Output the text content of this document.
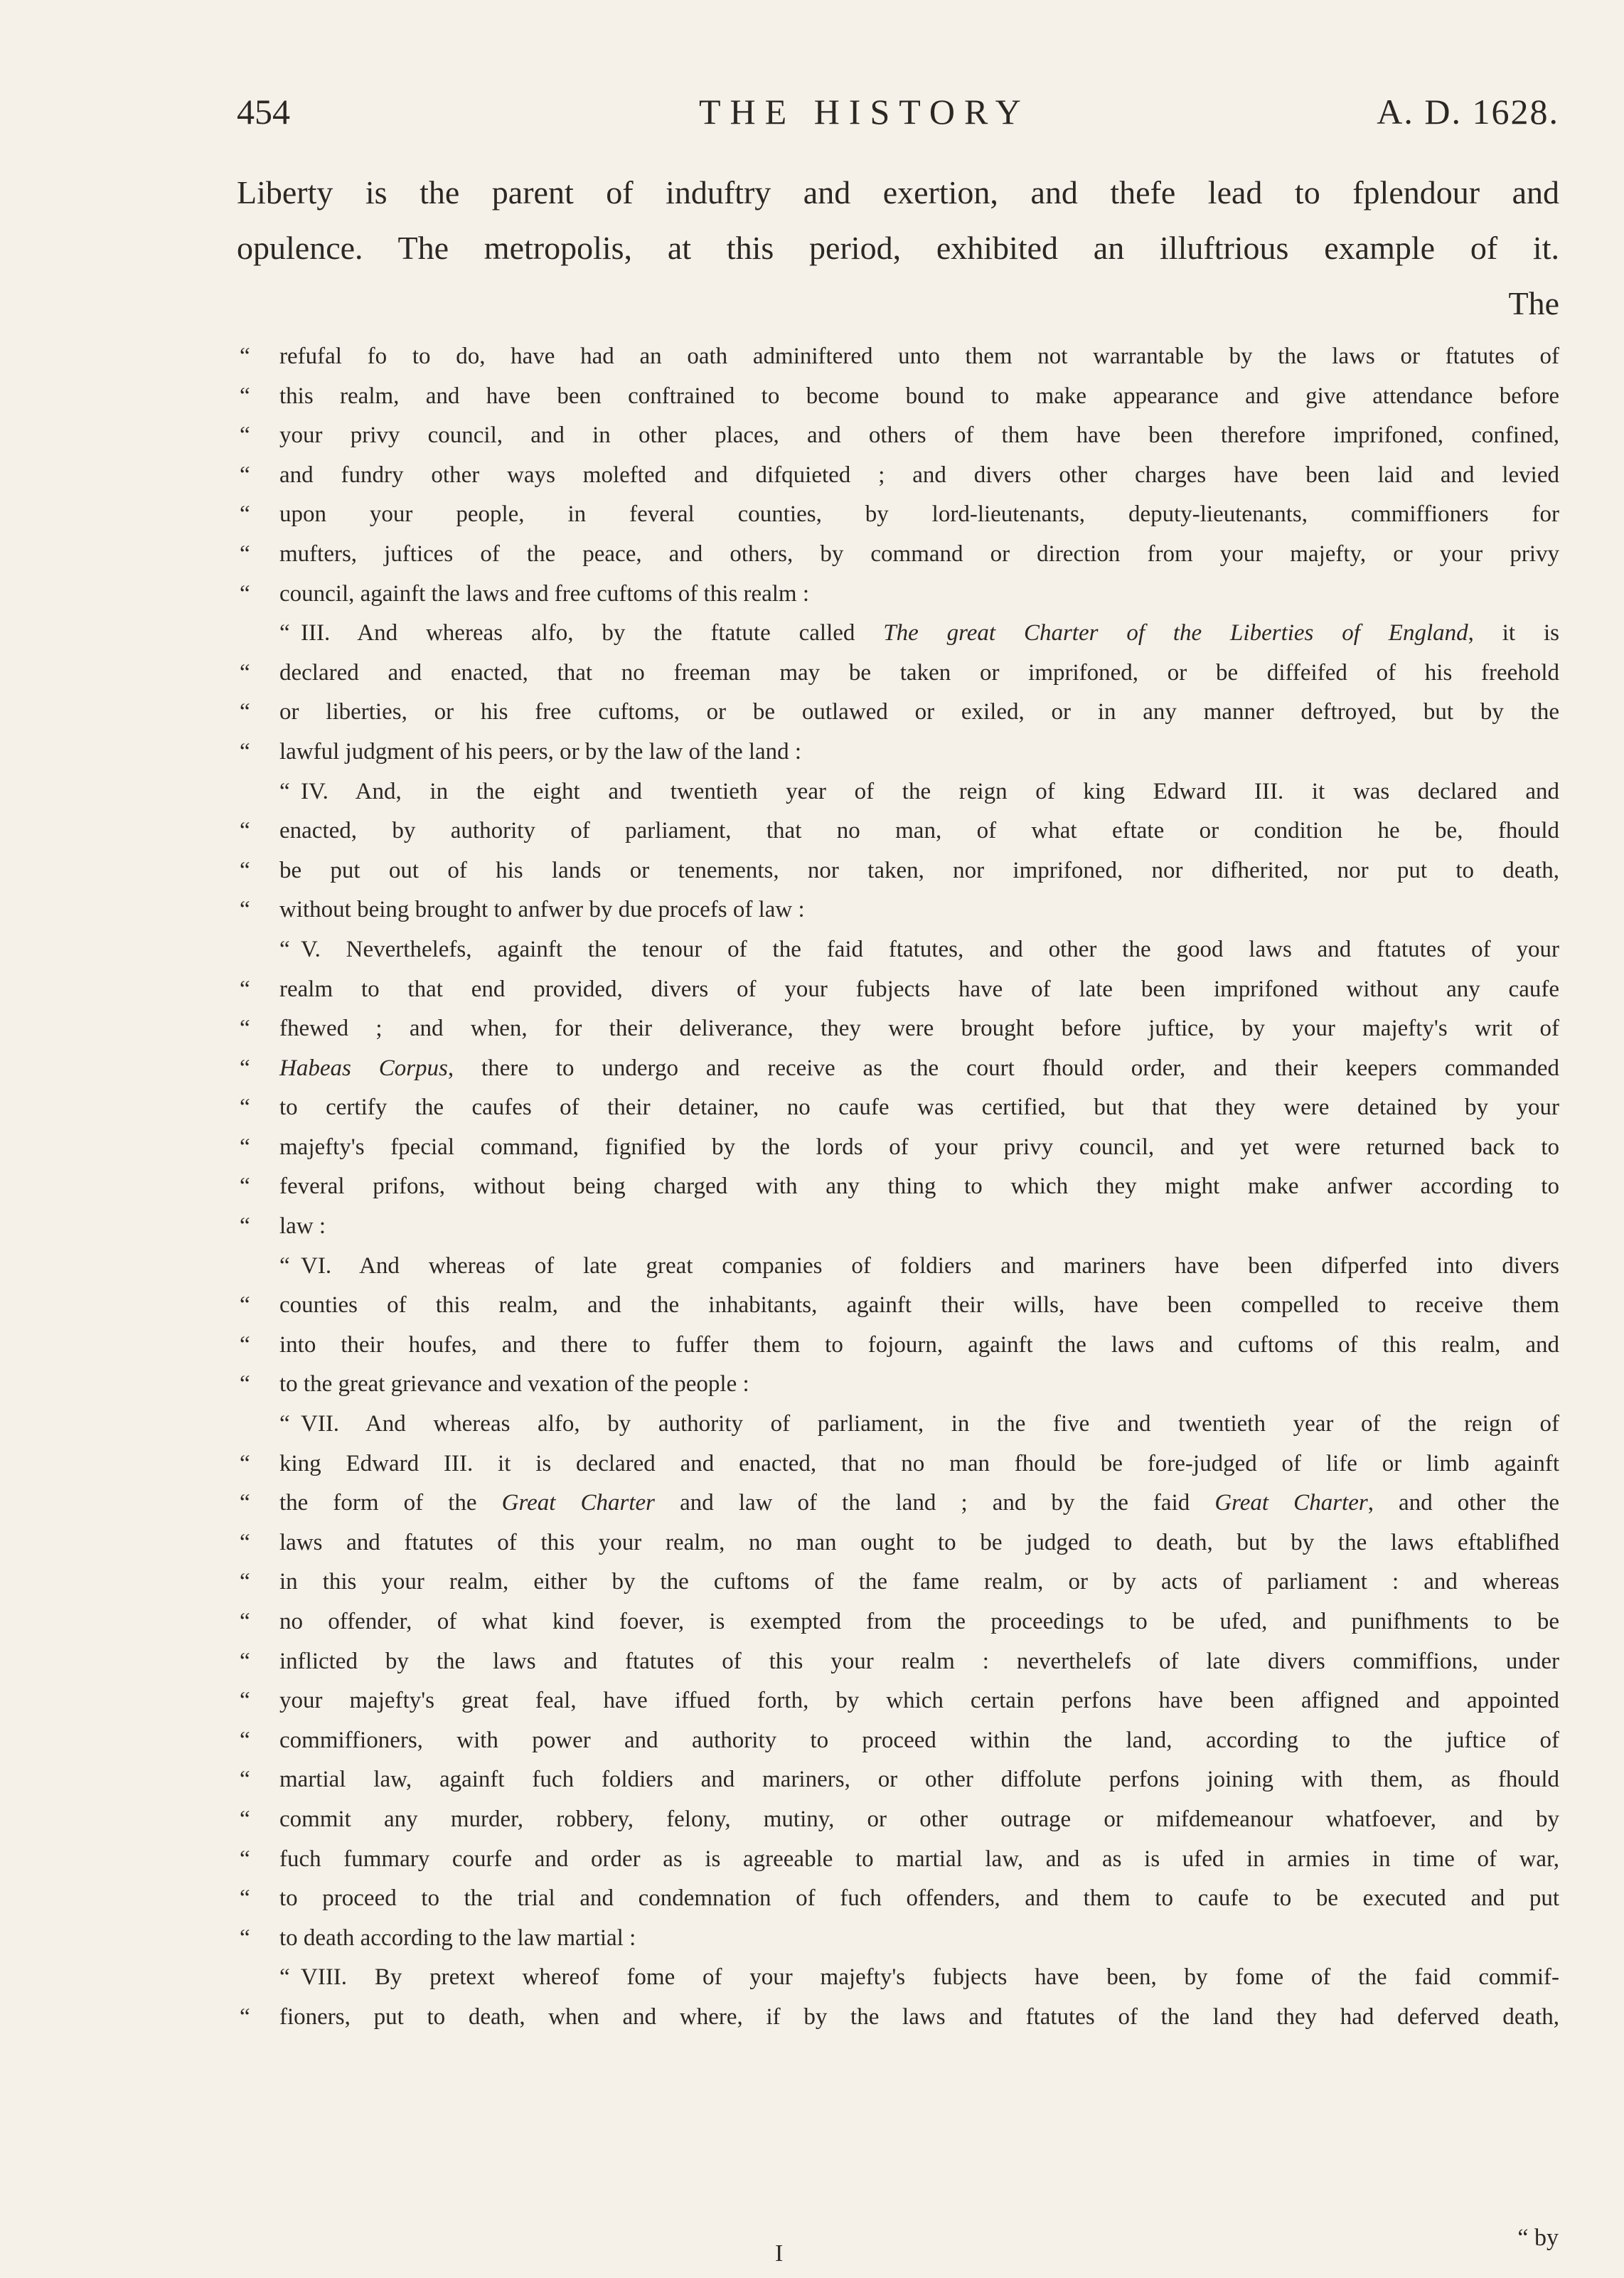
454	THE HISTORY	A. D. 1628.
Liberty is the parent of induftry and exertion, and thefe lead to fplendour and
opulence. The metropolis, at this period, exhibited an illuftrious example of it.
The
“ refufal fo to do, have had an oath adminiftered unto them not warrantable by the laws or ftatutes of
“ this realm, and have been conftrained to become bound to make appearance and give attendance before
“ your privy council, and in other places, and others of them have been therefore imprifoned, confined,
“ and fundry other ways molefted and difquieted ; and divers other charges have been laid and levied
“ upon your people, in feveral counties, by lord-lieutenants, deputy-lieutenants, commiffioners for
“ mufters, juftices of the peace, and others, by command or direction from your majefty, or your privy
“ council, againft the laws and free cuftoms of this realm :
“ III. And whereas alfo, by the ftatute called The great Charter of the Liberties of England, it is
“ declared and enacted, that no freeman may be taken or imprifoned, or be diffeifed of his freehold
“ or liberties, or his free cuftoms, or be outlawed or exiled, or in any manner deftroyed, but by the
“ lawful judgment of his peers, or by the law of the land :
“ IV. And, in the eight and twentieth year of the reign of king Edward III. it was declared and
“ enacted, by authority of parliament, that no man, of what eftate or condition he be, fhould
“ be put out of his lands or tenements, nor taken, nor imprifoned, nor difherited, nor put to death,
“ without being brought to anfwer by due procefs of law :
“ V. Neverthelefs, againft the tenour of the faid ftatutes, and other the good laws and ftatutes of your
“ realm to that end provided, divers of your fubjects have of late been imprifoned without any caufe
“ fhewed ; and when, for their deliverance, they were brought before juftice, by your majefty's writ of
“ Habeas Corpus, there to undergo and receive as the court fhould order, and their keepers commanded
“ to certify the caufes of their detainer, no caufe was certified, but that they were detained by your
“ majefty's fpecial command, fignified by the lords of your privy council, and yet were returned back to
“ feveral prifons, without being charged with any thing to which they might make anfwer according to
“ law :
“ VI. And whereas of late great companies of foldiers and mariners have been difperfed into divers
“ counties of this realm, and the inhabitants, againft their wills, have been compelled to receive them
“ into their houfes, and there to fuffer them to fojourn, againft the laws and cuftoms of this realm, and
“ to the great grievance and vexation of the people :
“ VII. And whereas alfo, by authority of parliament, in the five and twentieth year of the reign of
“ king Edward III. it is declared and enacted, that no man fhould be fore-judged of life or limb againft
“ the form of the Great Charter and law of the land ; and by the faid Great Charter, and other the
“ laws and ftatutes of this your realm, no man ought to be judged to death, but by the laws eftablifhed
“ in this your realm, either by the cuftoms of the fame realm, or by acts of parliament : and whereas
“ no offender, of what kind foever, is exempted from the proceedings to be ufed, and punifhments to be
“ inflicted by the laws and ftatutes of this your realm : neverthelefs of late divers commiffions, under
“ your majefty's great feal, have iffued forth, by which certain perfons have been affigned and appointed
“ commiffioners, with power and authority to proceed within the land, according to the juftice of
“ martial law, againft fuch foldiers and mariners, or other diffolute perfons joining with them, as fhould
“ commit any murder, robbery, felony, mutiny, or other outrage or mifdemeanour whatfoever, and by
“ fuch fummary courfe and order as is agreeable to martial law, and as is ufed in armies in time of war,
“ to proceed to the trial and condemnation of fuch offenders, and them to caufe to be executed and put
“ to death according to the law martial :
“ VIII. By pretext whereof fome of your majefty's fubjects have been, by fome of the faid commif-
“ fioners, put to death, when and where, if by the laws and ftatutes of the land they had deferved death,
I
“ by
